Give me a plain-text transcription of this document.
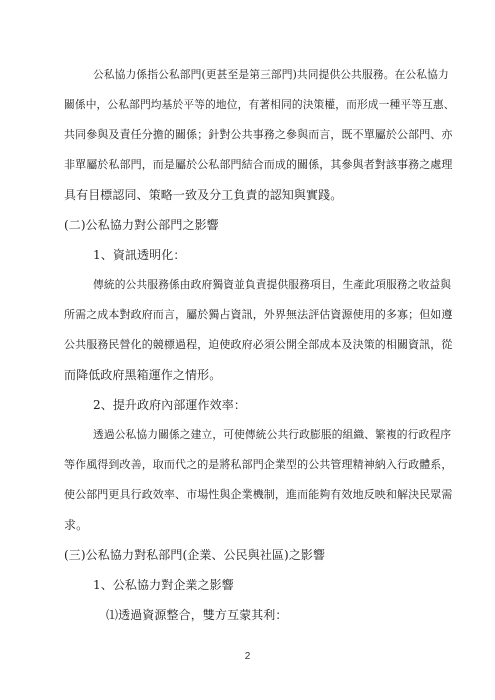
公私協力係指公私部門(更甚至是第三部門)共同提供公共服務。在公私協力
關係中，公私部門均基於平等的地位，有著相同的決策權，而形成一種平等互惠、
共同參與及責任分擔的關係；針對公共事務之參與而言，既不單屬於公部門、亦
非單屬於私部門，而是屬於公私部門結合而成的關係，其參與者對該事務之處理
具有目標認同、策略一致及分工負責的認知與實踐。
(二)公私協力對公部門之影響
1、資訊透明化：
傳統的公共服務係由政府獨資並負責提供服務項目，生產此項服務之收益與
所需之成本對政府而言，屬於獨占資訊，外界無法評估資源使用的多寡；但如遵
公共服務民營化的競標過程，迫使政府必須公開全部成本及決策的相關資訊，從
而降低政府黑箱運作之情形。
2、提升政府內部運作效率：
透過公私協力關係之建立，可使傳統公共行政膨脹的組織、繁複的行政程序
等作風得到改善，取而代之的是將私部門企業型的公共管理精神納入行政體系，
使公部門更具行政效率、市場性與企業機制，進而能夠有效地反映和解決民眾需
求。
(三)公私協力對私部門(企業、公民與社區)之影響
1、公私協力對企業之影響
⑴透過資源整合，雙方互蒙其利：
2
